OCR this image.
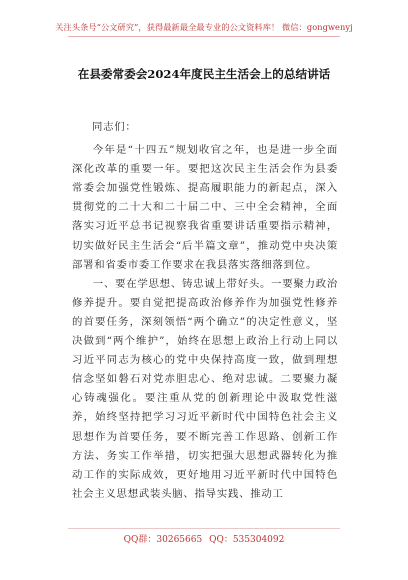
关注头条号“公文研究”，获得最新最全最专业的公文资料库！ 微信：gongwenyj
在县委常委会2024年度民主生活会上的总结讲话

同志们：

今年是“十四五”规划收官之年，也是进一步全面深化改革的重要一年。要把这次民主生活会作为县委常委会加强党性锻炼、提高履职能力的新起点，深入贯彻党的二十大和二十届二中、三中全会精神，全面落实习近平总书记视察我省重要讲话重要指示精神，切实做好民主生活会“后半篇文章”，推动党中央决策部署和省委市委工作要求在我县落实落细落到位。

一、要在学思想、铸忠诚上带好头。一要聚力政治修养提升。要自觉把提高政治修养作为加强党性修养的首要任务，深刻领悟“两个确立”的决定性意义，坚决做到“两个维护”，始终在思想上政治上行动上同以习近平同志为核心的党中央保持高度一致，做到理想信念坚如磐石对党赤胆忠心、绝对忠诚。二要聚力凝心铸魂强化。要注重从党的创新理论中汲取党性滋养，始终坚持把学习习近平新时代中国特色社会主义思想作为首要任务，要不断完善工作思路、创新工作方法、务实工作举措，切实把强大思想武器转化为推动工作的实际成效，更好地用习近平新时代中国特色社会主义思想武装头脑、指导实践、推动工

QQ群：30265665 QQ：535304092
